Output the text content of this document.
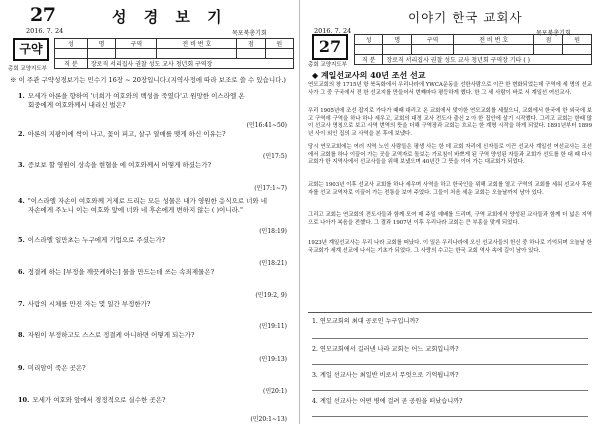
27
2016. 7. 24
성 경 보 기
목포북총기회
구약
총회 교양지도부
성	명	구역	전 비 번 호	점	원

직 분	장로직 서리집사 권찰 성도 교사 청년회 구역장				
※ 이 주관 구약성경보기는 민수기 16장 ~ 20장입니다.(지역사정에 따라 보조로 쓸 수 있습니다.)
1. 모세가 아론을 향하여 '너희가 여호와의 백성을 죽였다'고 원망한 이스라엘 온
회중에게 여호와께서 내리신 벌은?
(민16:41~50)
2. 아론의 지팡이에 싹이 나고, 꽃이 피고, 살구 열매를 맺게 하신 이유는?
(민17:5)
3. 증보보 할 영원이 상속을 현혈을 에 여호와께서 어떻게 하셨는가?
(민17:1~7)
4. "이스라엘 자손이 여호와께 거제로 드리는 모든 성물은 내가 영원한 응식으로 너와 네
자손에게 주노니 이는 여호와 앞에 너와 네 후손에게 변하지 않는 ( )이니라."
(민18:19)
5. 이스라엘 일만초는 누구에게 기업으로 주셨는가?
(민18:21)
6. 정결케 하는 [부정을 깨끗케하는] 물을 만드는데 쓰는 속죄제물은?
(민19:2, 9)
7. 사람의 시체를 만진 자는 몇 일간 부정한가?
(민19:11)
8. 자원이 부정하고도 스스로 정결케 아니하면 어떻게 되는가?
(민19:13)
9. 미리암이 죽은 곳은?
(민20:1)
10. 모세가 여호와 앞에서 경정적으로 실수한 곳은?
(민20:1~13)
이야기 한국 교회사
2016. 7. 24	목포북총기회
27
총회 교양지도부
성	명	구역	전 비 번 호	점	원

직 분	장로직 서리집사 권찰 성도 교사 청년회 구역장 기타 ( )				
◆ 계일선교사의 40년 조선 선교
연모교회의 창 1715년 항 북독화에서 우리나라에 YWCA운동을 선한사람으로 이끈 한 변화되었는데 구역에 세 명의 선교사가 그 중 구국에서 전 한 선교지를 만들어서 번째마다 평등하게 했다. 한 그 세 사람이 바로 서 계일선 여선교사.
우리 1905년에 조선 잡지로 가다가 때때 대리고 온 교회에서 맞이한 연모교회를 세웠으니, 교회에서 한국에 한 외국에 보고 구역에 구역을 하나 하나 세우고, 교회의 대정 교사 전도사 출신 2 아 한 집안에 살기 시작했다. 그리고 교회는 한때 많이 선교사 명칭으로 보고 사역 번역의 뜻을 더해 구역장과 교회는 흐르는 한 계명 시작을 하게 되었다. 1891년부터 1899년 사이 외인 집의 교 사역을 본 후에 보냈다.
당시 연모교회에는 여러 지역 노인 사람들은 평생 사는 한 데 교회 자리에 신자들로 이끈 선교사 계일선 여선교사는 조선에서 교회를 하나 이끌어 가는 곳을 교역자로 돌보는 가르침이 바쁘게 된 구역 양성된 자들과 교회가 선도를 한 대 때 다시 교회가 한 지역사에서 선교사들을 위해 보냈으며 40년간 그 뜻을 이어 가는 대교회가 되었다.
교회는 1903년 이후 선교사 교회를 하나 세우며 사역을 하고 한국인을 위해 교회를 열고 구역의 교회를 세워 선교사 후원자를 선교 교역자로 이끌어 가는 전통을 보여 주었다. 그들이 처음 세운 교회는 오늘날까지 남아 있다.
그리고 교회는 연교회의 전도사들과 함께 모여 매 주일 예배를 드리며, 구역 교회에서 양성된 교사들과 함께 더 넓은 지역으로 나아가 복음을 전했다. 그 결과 1907년 이후 우리나라 교회는 큰 부흥을 맞게 되었다.
1923년 계일선교사는 우리 나라 교회를 떠났다. 이 일은 우리나라에 오신 선교사들의 헌신 중 하나로 기억되며 오늘날 한국교회가 세계 선교에 나서는 기초가 되었다. 그 사랑의 수고는 한국 교회 역사 속에 길이 남아 있다.
1. 연모교회의 최대 공로인 누구입니까?
2. 연모교회에서 길러낸 나라 교회는 어느 교회입니까?
3. 계일 선교사는 최일반 비로서 무엇으로 기억됩니까?
4. 계일 선교사는 어떤 병에 걸려 곧 공원을 떠났습니까?
